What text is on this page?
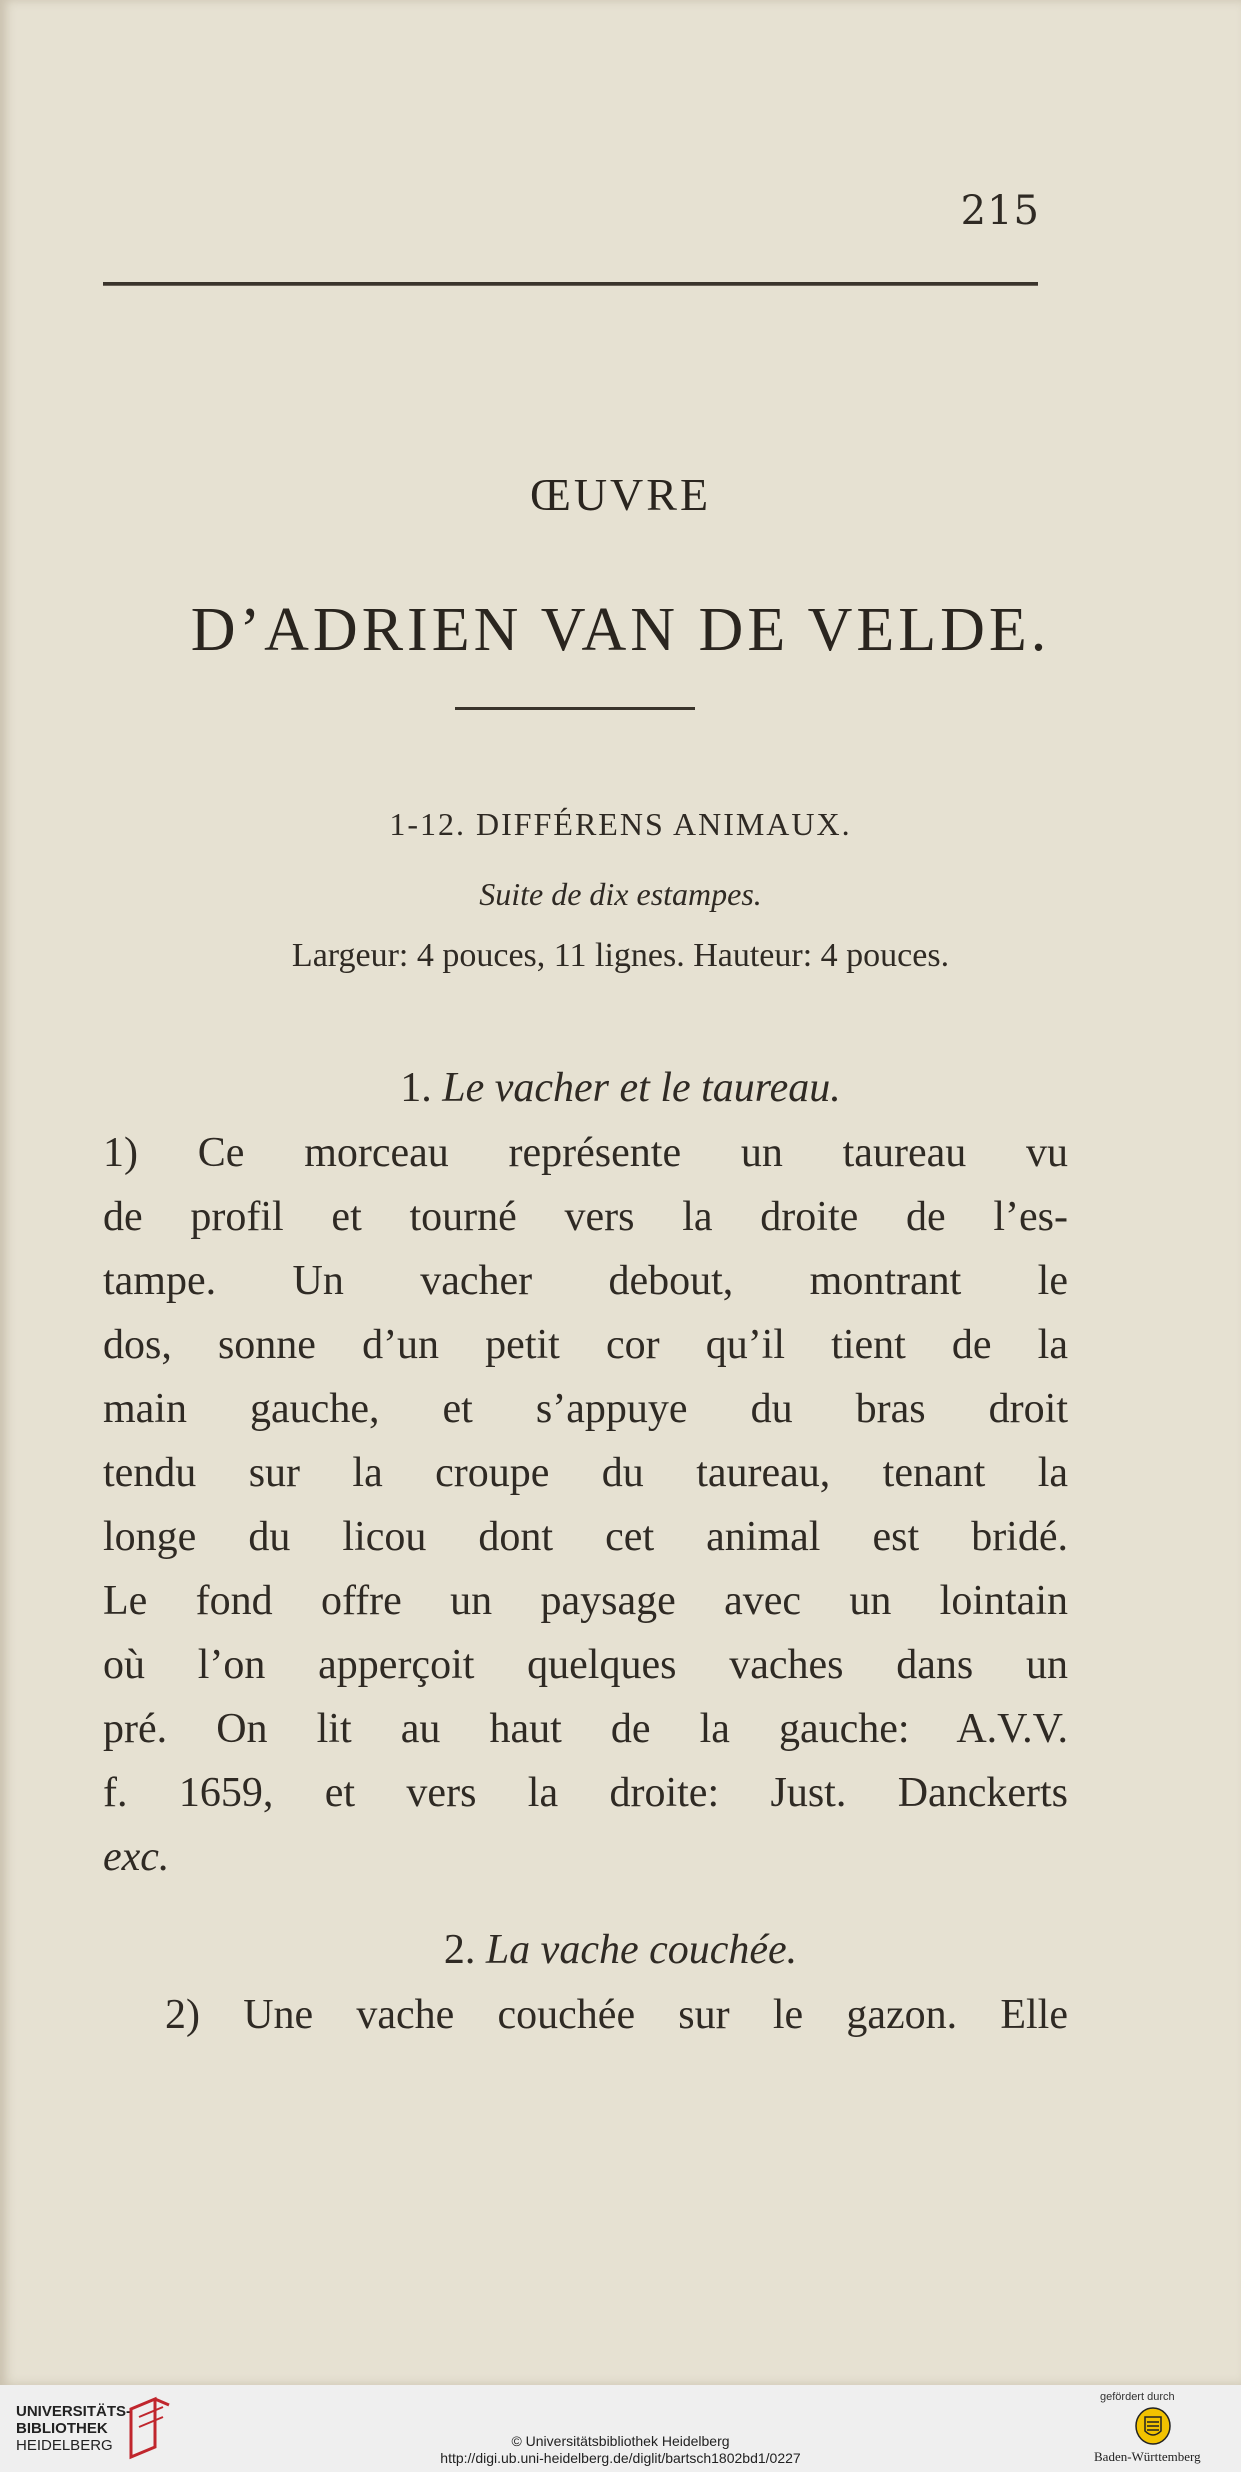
215
ŒUVRE
D’ADRIEN VAN DE VELDE.
1-12. DIFFÉRENS ANIMAUX.
Suite de dix estampes.
Largeur: 4 pouces, 11 lignes. Hauteur: 4 pouces.
1. Le vacher et le taureau.
1) Ce morceau représente un taureau vu
de profil et tourné vers la droite de l’es-
tampe. Un vacher debout, montrant le
dos, sonne d’un petit cor qu’il tient de la
main gauche, et s’appuye du bras droit
tendu sur la croupe du taureau, tenant la
longe du licou dont cet animal est bridé.
Le fond offre un paysage avec un lointain
où l’on apperçoit quelques vaches dans un
pré. On lit au haut de la gauche: A.V.V.
f. 1659, et vers la droite: Just. Danckerts
exc.
2. La vache couchée.
2) Une vache couchée sur le gazon. Elle
UNIVERSITÄTS-
BIBLIOTHEK
HEIDELBERG	© Universitätsbibliothek Heidelberg
http://digi.ub.uni-heidelberg.de/diglit/bartsch1802bd1/0227
gefördert durch
Baden-Württemberg
